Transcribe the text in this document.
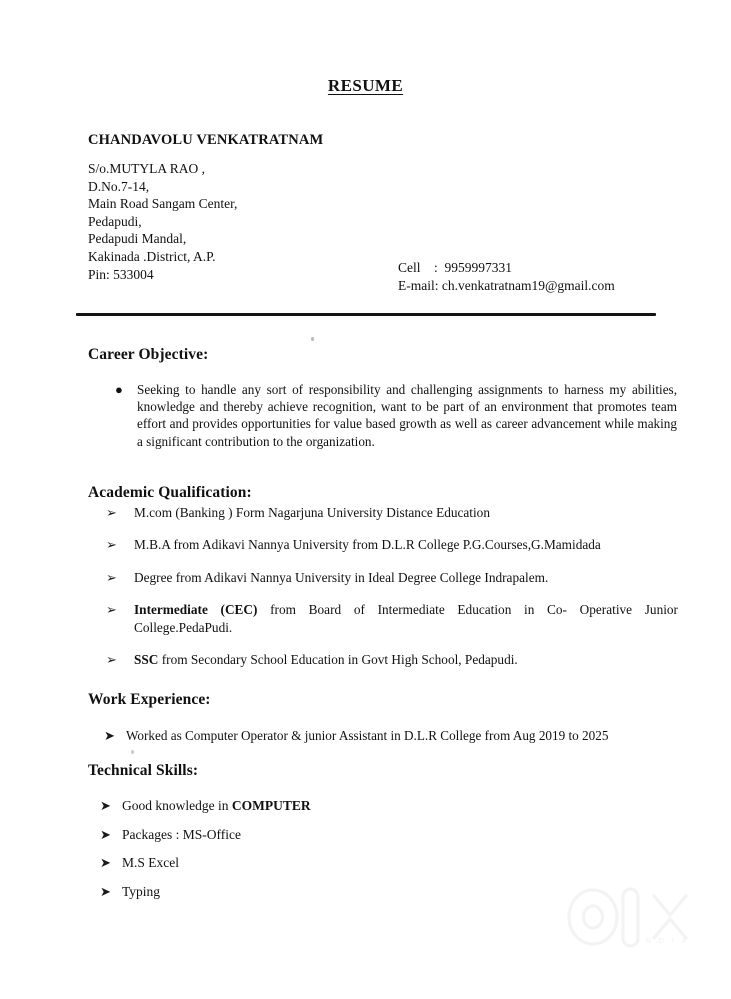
RESUME
CHANDAVOLU VENKATRATNAM
S/o.MUTYLA RAO ,
D.No.7-14,
Main Road Sangam Center,
Pedapudi,
Pedapudi Mandal,
Kakinada .District, A.P.
Pin: 533004	Cell    :  9959997331
E-mail: ch.venkatratnam19@gmail.com
Career Objective:
●	Seeking to handle any sort of responsibility and challenging assignments to harness my abilities, knowledge and thereby achieve recognition, want to be part of an environment that promotes team effort and provides opportunities for value based growth as well as career advancement while making a significant contribution to the organization.
Academic Qualification:
➢	M.com (Banking ) Form Nagarjuna University Distance Education
➢	M.B.A from Adikavi Nannya University from D.L.R College P.G.Courses,G.Mamidada
➢	Degree from Adikavi Nannya University in Ideal Degree College Indrapalem.
➢	Intermediate (CEC) from Board of Intermediate Education in Co- Operative Junior College.PedaPudi.
➢	SSC from Secondary School Education in Govt High School, Pedapudi.
Work Experience:
➤ Worked as Computer Operator & junior Assistant in D.L.R College from Aug 2019 to 2025
Technical Skills:
➤ Good knowledge in COMPUTER
➤ Packages : MS-Office
➤ M.S Excel
➤ Typing
I N D I A
